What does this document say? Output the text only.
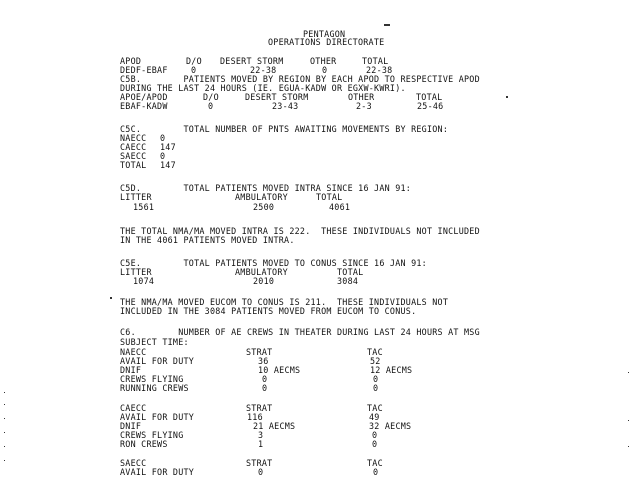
PENTAGON
OPERATIONS DIRECTORATE
APOD	D/O DESERT STORM	OTHER	TOTAL
DEDF-EBAF	0	22-38	0	22-38
C5B.        PATIENTS MOVED BY REGION BY EACH APOD TO RESPECTIVE APOD
DURING THE LAST 24 HOURS (IE. EGUA-KADW OR EGXW-KWRI).
APOE/APOD	D/O	DESERT STORM	OTHER	TOTAL
EBAF-KADW	0	23-43	2-3	25-46
C5C.        TOTAL NUMBER OF PNTS AWAITING MOVEMENTS BY REGION:
NAECC 0
CAECC 147
SAECC 0
TOTAL 147
C5D.        TOTAL PATIENTS MOVED INTRA SINCE 16 JAN 91:
LITTER	AMBULATORY	TOTAL
1561	2500	4061
THE TOTAL NMA/MA MOVED INTRA IS 222.  THESE INDIVIDUALS NOT INCLUDED
IN THE 4061 PATIENTS MOVED INTRA.
C5E.        TOTAL PATIENTS MOVED TO CONUS SINCE 16 JAN 91:
LITTER	AMBULATORY	TOTAL
1074	2010	3084
THE NMA/MA MOVED EUCOM TO CONUS IS 211.  THESE INDIVIDUALS NOT
INCLUDED IN THE 3084 PATIENTS MOVED FROM EUCOM TO CONUS.
C6.        NUMBER OF AE CREWS IN THEATER DURING LAST 24 HOURS AT MSG
SUBJECT TIME:
NAECC	STRAT	TAC
AVAIL FOR DUTY	36	52
DNIF	10 AECMS	12 AECMS
CREWS FLYING	0	0
RUNNING CREWS	0	0
CAECC	STRAT	TAC
AVAIL FOR DUTY	116	49
DNIF	21 AECMS	32 AECMS
CREWS FLYING	3	0
RON CREWS	1	0
SAECC	STRAT	TAC
AVAIL FOR DUTY	0	0
